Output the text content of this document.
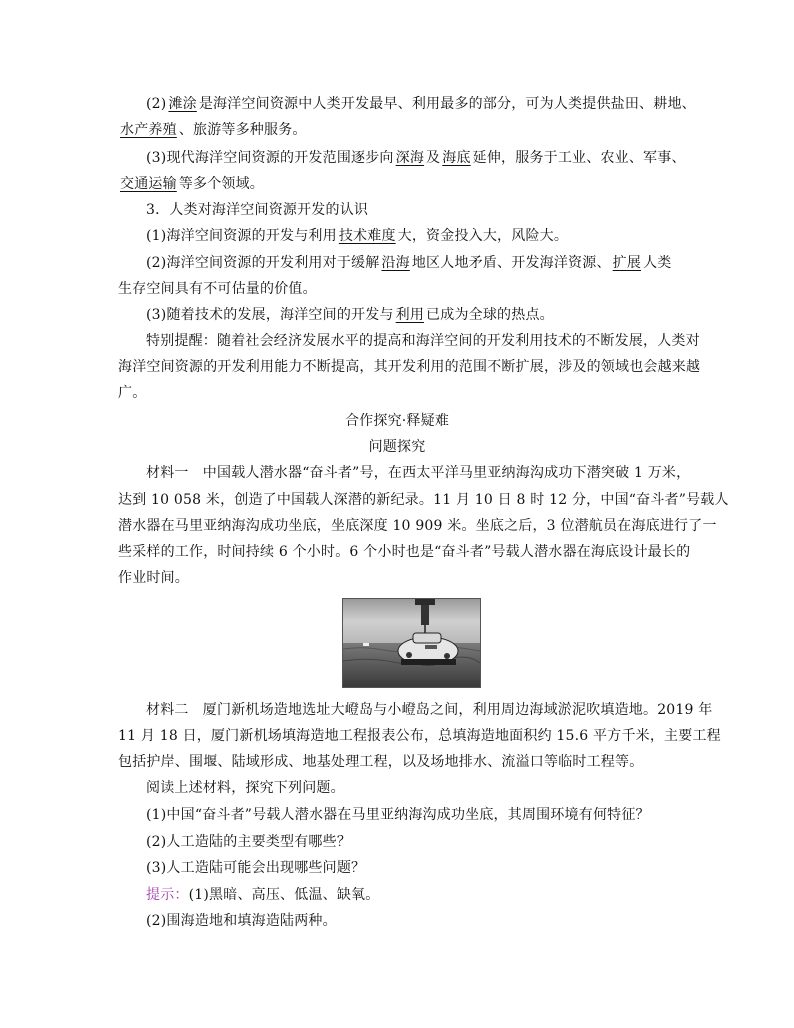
(2) 滩涂 是海洋空间资源中人类开发最早、利用最多的部分，可为人类提供盐田、耕地、
水产养殖 、旅游等多种服务。
(3)现代海洋空间资源的开发范围逐步向 深海 及 海底 延伸，服务于工业、农业、军事、
交通运输 等多个领域。
3．人类对海洋空间资源开发的认识
(1)海洋空间资源的开发与利用 技术难度 大，资金投入大，风险大。
(2)海洋空间资源的开发利用对于缓解 沿海 地区人地矛盾、开发海洋资源、 扩展 人类
生存空间具有不可估量的价值。
(3)随着技术的发展，海洋空间的开发与 利用 已成为全球的热点。
特别提醒：随着社会经济发展水平的提高和海洋空间的开发利用技术的不断发展，人类对
海洋空间资源的开发利用能力不断提高，其开发利用的范围不断扩展，涉及的领域也会越来越
广。
合作探究·释疑难
问题探究
材料一　中国载人潜水器“奋斗者”号，在西太平洋马里亚纳海沟成功下潜突破 1 万米，
达到 10 058 米，创造了中国载人深潜的新纪录。11 月 10 日 8 时 12 分，中国“奋斗者”号载人
潜水器在马里亚纳海沟成功坐底，坐底深度 10 909 米。坐底之后，3 位潜航员在海底进行了一
些采样的工作，时间持续 6 个小时。6 个小时也是“奋斗者”号载人潜水器在海底设计最长的
作业时间。
材料二　厦门新机场造地选址大嶝岛与小嶝岛之间，利用周边海域淤泥吹填造地。2019 年
11 月 18 日，厦门新机场填海造地工程报表公布，总填海造地面积约 15.6 平方千米，主要工程
包括护岸、围堰、陆域形成、地基处理工程，以及场地排水、流溢口等临时工程等。
阅读上述材料，探究下列问题。
(1)中国“奋斗者”号载人潜水器在马里亚纳海沟成功坐底，其周围环境有何特征？
(2)人工造陆的主要类型有哪些？
(3)人工造陆可能会出现哪些问题？
提示：(1)黑暗、高压、低温、缺氧。
(2)围海造地和填海造陆两种。
